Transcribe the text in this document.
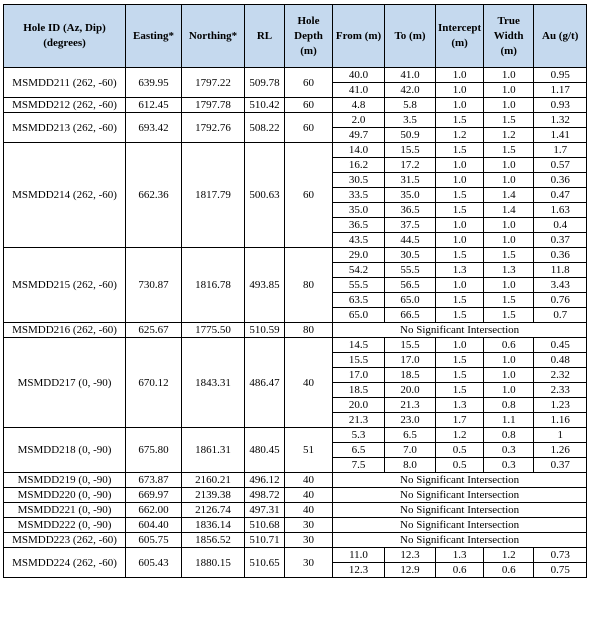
Hole ID (Az, Dip) (degrees)	Easting*	Northing*	RL	Hole Depth (m)	From (m)	To (m)	Intercept (m)	True Width (m)	Au (g/t)
MSMDD211 (262, -60)	639.95	1797.22	509.78	60	40.0	41.0	1.0	1.0	0.95
					41.0	42.0	1.0	1.0	1.17
MSMDD212 (262, -60)	612.45	1797.78	510.42	60	4.8	5.8	1.0	1.0	0.93
MSMDD213 (262, -60)	693.42	1792.76	508.22	60	2.0	3.5	1.5	1.5	1.32
					49.7	50.9	1.2	1.2	1.41
MSMDD214 (262, -60)	662.36	1817.79	500.63	60	14.0	15.5	1.5	1.5	1.7
					16.2	17.2	1.0	1.0	0.57
					30.5	31.5	1.0	1.0	0.36
					33.5	35.0	1.5	1.4	0.47
					35.0	36.5	1.5	1.4	1.63
					36.5	37.5	1.0	1.0	0.4
					43.5	44.5	1.0	1.0	0.37
MSMDD215 (262, -60)	730.87	1816.78	493.85	80	29.0	30.5	1.5	1.5	0.36
					54.2	55.5	1.3	1.3	11.8
					55.5	56.5	1.0	1.0	3.43
					63.5	65.0	1.5	1.5	0.76
					65.0	66.5	1.5	1.5	0.7
MSMDD216 (262, -60)	625.67	1775.50	510.59	80	No Significant Intersection				
MSMDD217 (0, -90)	670.12	1843.31	486.47	40	14.5	15.5	1.0	0.6	0.45
					15.5	17.0	1.5	1.0	0.48
					17.0	18.5	1.5	1.0	2.32
					18.5	20.0	1.5	1.0	2.33
					20.0	21.3	1.3	0.8	1.23
					21.3	23.0	1.7	1.1	1.16
MSMDD218 (0, -90)	675.80	1861.31	480.45	51	5.3	6.5	1.2	0.8	1
					6.5	7.0	0.5	0.3	1.26
					7.5	8.0	0.5	0.3	0.37
MSMDD219 (0, -90)	673.87	2160.21	496.12	40	No Significant Intersection				
MSMDD220 (0, -90)	669.97	2139.38	498.72	40	No Significant Intersection				
MSMDD221 (0, -90)	662.00	2126.74	497.31	40	No Significant Intersection				
MSMDD222 (0, -90)	604.40	1836.14	510.68	30	No Significant Intersection				
MSMDD223 (262, -60)	605.75	1856.52	510.71	30	No Significant Intersection				
MSMDD224 (262, -60)	605.43	1880.15	510.65	30	11.0	12.3	1.3	1.2	0.73
					12.3	12.9	0.6	0.6	0.75
